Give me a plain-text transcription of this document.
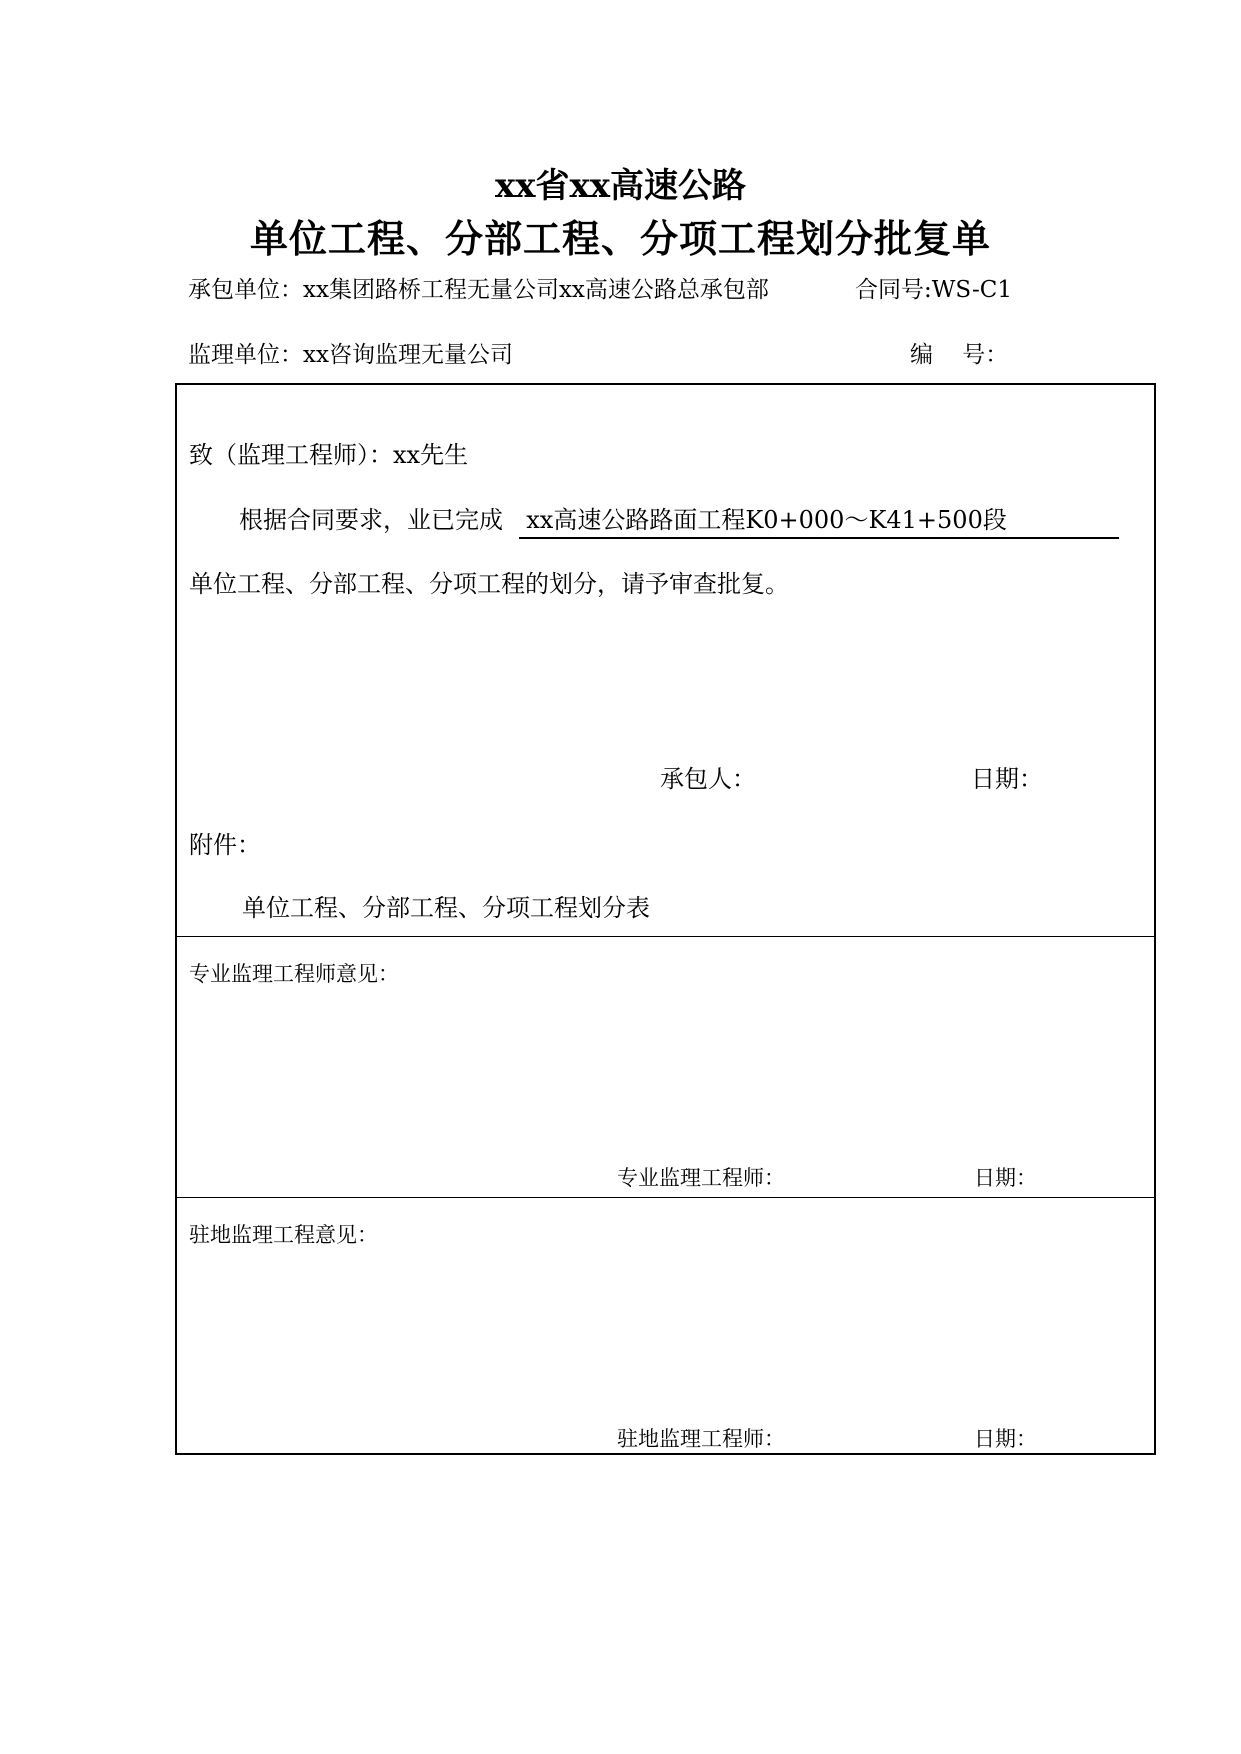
xx省xx高速公路
单位工程、分部工程、分项工程划分批复单
承包单位：xx集团路桥工程无量公司xx高速公路总承包部	合同号:WS-C1
监理单位：xx咨询监理无量公司	编    号：
致（监理工程师）：xx先生
根据合同要求，业已完成  xx高速公路路面工程K0+000～K41+500段
单位工程、分部工程、分项工程的划分，请予审查批复。
承包人：	日期：
附件：
单位工程、分部工程、分项工程划分表
专业监理工程师意见：
专业监理工程师：	日期：
驻地监理工程意见：
驻地监理工程师：	日期：
